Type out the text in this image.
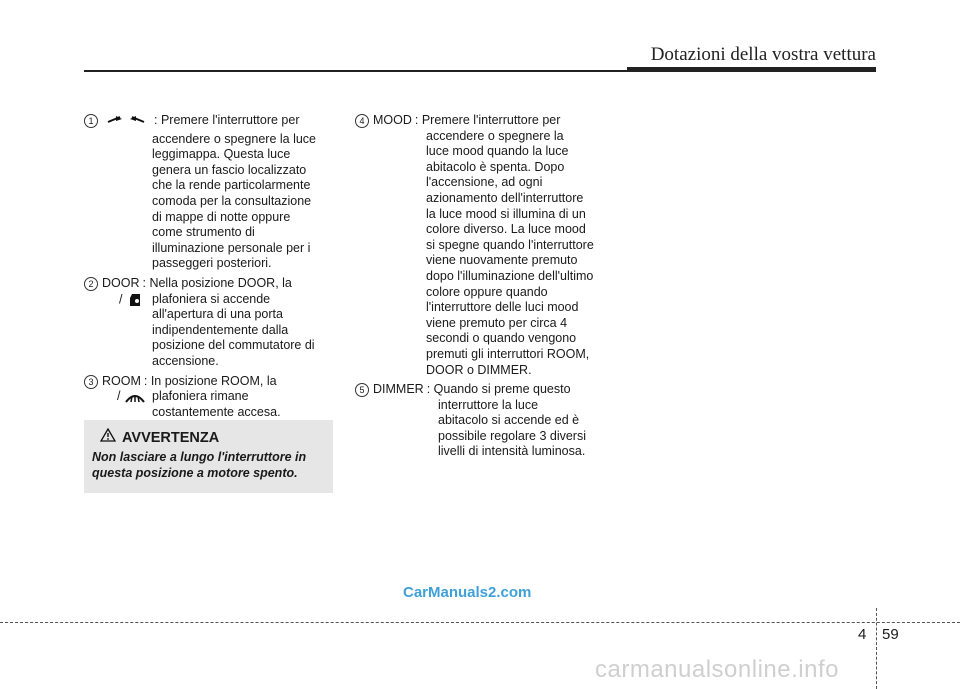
Dotazioni della vostra vettura
1	: Premere l'interruttore per
accendere o spegnere la luce
leggimappa. Questa luce
genera un fascio localizzato
che la rende particolarmente
comoda per la consultazione
di mappe di notte oppure
come strumento di
illuminazione personale per i
passeggeri posteriori.
2 DOOR : Nella posizione DOOR, la
/	plafoniera si accende
all'apertura di una porta
indipendentemente dalla
posizione del commutatore di
accensione.
3 ROOM : In posizione ROOM, la
/	plafoniera rimane
costantemente accesa.
4 MOOD : Premere l'interruttore per
accendere o spegnere la
luce mood quando la luce
abitacolo è spenta. Dopo
l'accensione, ad ogni
azionamento dell'interruttore
la luce mood si illumina di un
colore diverso. La luce mood
si spegne quando l'interruttore
viene nuovamente premuto
dopo l'illuminazione dell'ultimo
colore oppure quando
l'interruttore delle luci mood
viene premuto per circa 4
secondi o quando vengono
premuti gli interruttori ROOM,
DOOR o DIMMER.
5 DIMMER : Quando si preme questo
interruttore la luce
abitacolo si accende ed è
possibile regolare 3 diversi
livelli di intensità luminosa.
AVVERTENZA
Non lasciare a lungo l'interruttore in questa posizione a motore spento.
CarManuals2.com
4 59
carmanualsonline.info
